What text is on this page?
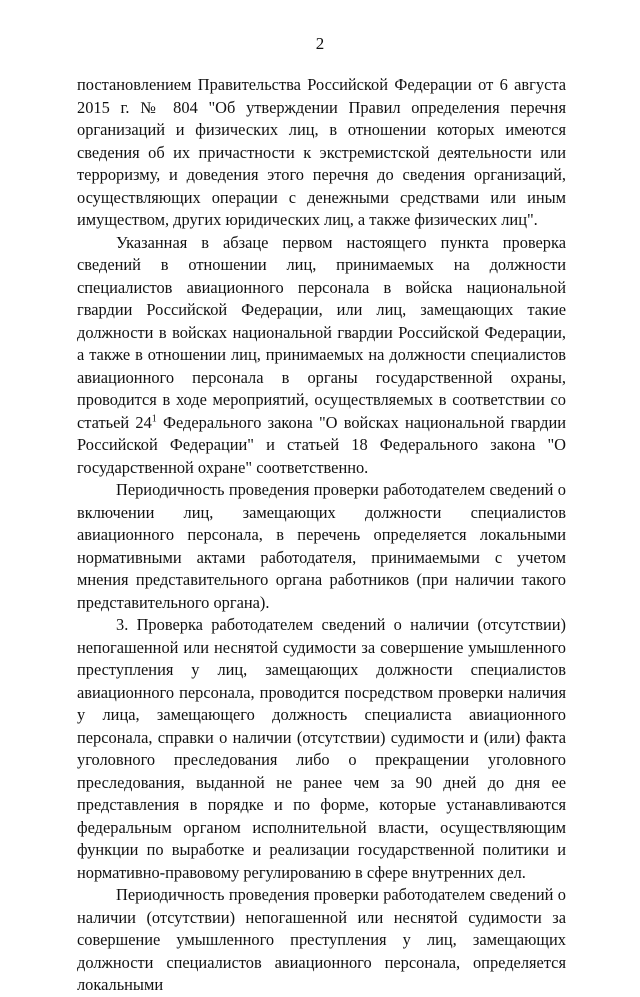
2

постановлением Правительства Российской Федерации от 6 августа 2015 г. № 804 "Об утверждении Правил определения перечня организаций и физических лиц, в отношении которых имеются сведения об их причастности к экстремистской деятельности или терроризму, и доведения этого перечня до сведения организаций, осуществляющих операции с денежными средствами или иным имуществом, других юридических лиц, а также физических лиц".

Указанная в абзаце первом настоящего пункта проверка сведений в отношении лиц, принимаемых на должности специалистов авиационного персонала в войска национальной гвардии Российской Федерации, или лиц, замещающих такие должности в войсках национальной гвардии Российской Федерации, а также в отношении лиц, принимаемых на должности специалистов авиационного персонала в органы государственной охраны, проводится в ходе мероприятий, осуществляемых в соответствии со статьей $24^1$ Федерального закона "О войсках национальной гвардии Российской Федерации" и статьей 18 Федерального закона "О государственной охране" соответственно.

Периодичность проведения проверки работодателем сведений о включении лиц, замещающих должности специалистов авиационного персонала, в перечень определяется локальными нормативными актами работодателя, принимаемыми с учетом мнения представительного органа работников (при наличии такого представительного органа).

3. Проверка работодателем сведений о наличии (отсутствии) непогашенной или неснятой судимости за совершение умышленного преступления у лиц, замещающих должности специалистов авиационного персонала, проводится посредством проверки наличия у лица, замещающего должность специалиста авиационного персонала, справки о наличии (отсутствии) судимости и (или) факта уголовного преследования либо о прекращении уголовного преследования, выданной не ранее чем за 90 дней до дня ее представления в порядке и по форме, которые устанавливаются федеральным органом исполнительной власти, осуществляющим функции по выработке и реализации государственной политики и нормативно-правовому регулированию в сфере внутренних дел.

Периодичность проведения проверки работодателем сведений о наличии (отсутствии) непогашенной или неснятой судимости за совершение умышленного преступления у лиц, замещающих должности специалистов авиационного персонала, определяется локальными
